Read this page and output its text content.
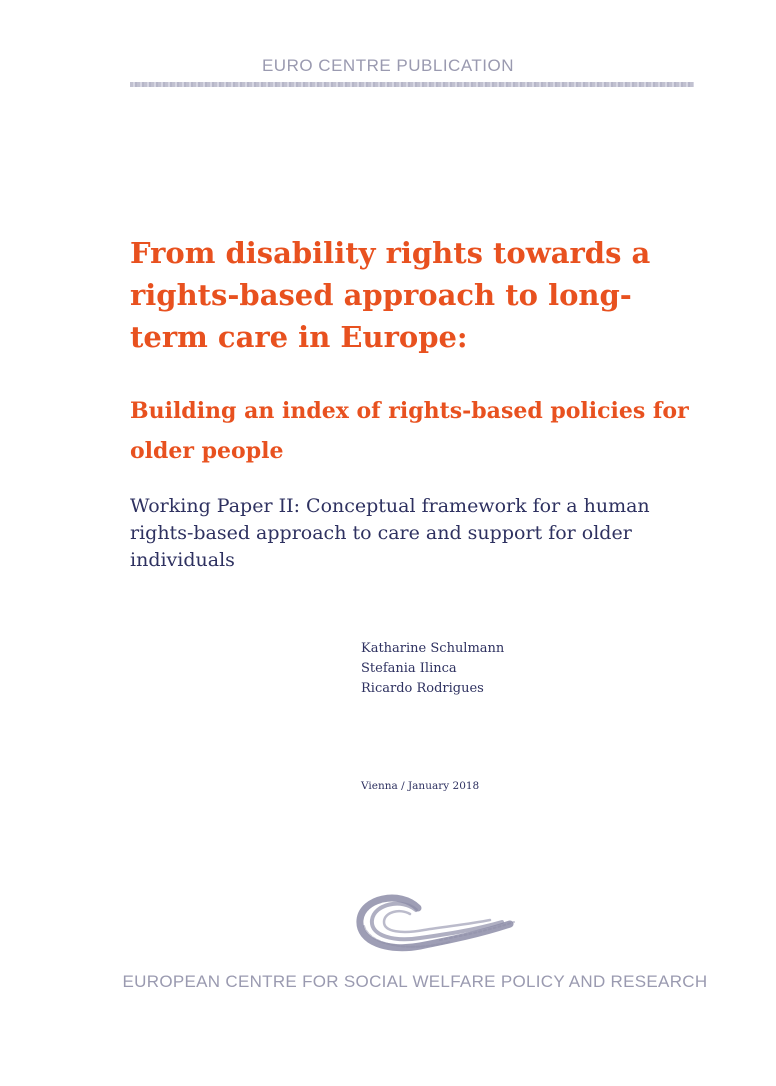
EURO CENTRE PUBLICATION
From disability rights towards a rights-based approach to long-term care in Europe:
Building an index of rights-based policies for older people

Working Paper II: Conceptual framework for a human rights-based approach to care and support for older individuals

Katharine Schulmann
Stefania Ilinca
Ricardo Rodrigues
Vienna / January 2018
EUROPEAN CENTRE FOR SOCIAL WELFARE POLICY AND RESEARCH
